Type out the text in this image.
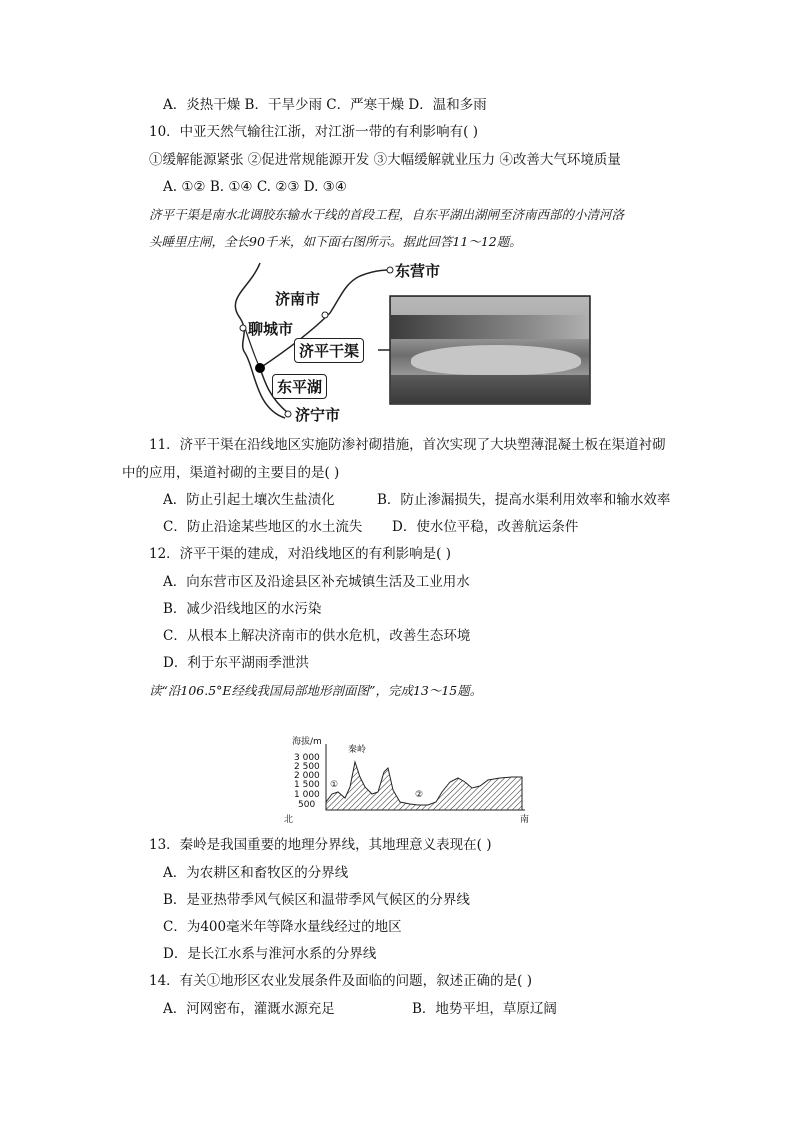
A．炎热干燥 B．干旱少雨 C．严寒干燥 D．温和多雨
10．中亚天然气输往江浙，对江浙一带的有利影响有( )
①缓解能源紧张 ②促进常规能源开发 ③大幅缓解就业压力 ④改善大气环境质量
A. ①② B. ①④ C. ②③ D. ③④
济平干渠是南水北调胶东输水干线的首段工程，自东平湖出湖闸至济南西部的小清河洛
头睡里庄闸，全长90千米，如下面右图所示。据此回答11～12题。
东营市
济南市
聊城市
济平干渠
东平湖
济宁市
11．济平干渠在沿线地区实施防渗衬砌措施，首次实现了大块塑薄混凝土板在渠道衬砌
中的应用，渠道衬砌的主要目的是( )
A．防止引起土壤次生盐渍化	B．防止渗漏损失，提高水渠利用效率和输水效率
C．防止沿途某些地区的水土流失 D．使水位平稳，改善航运条件
12．济平干渠的建成，对沿线地区的有利影响是( )
A．向东营市区及沿途县区补充城镇生活及工业用水
B．减少沿线地区的水污染
C．从根本上解决济南市的供水危机，改善生态环境
D．利于东平湖雨季泄洪
读“沿106.5°E经线我国局部地形剖面图”，完成13～15题。
海拔/m
秦岭
3 000
2 500
2 000
1 500
1 000
500
①
②
北	南
13．秦岭是我国重要的地理分界线，其地理意义表现在( )
A．为农耕区和畜牧区的分界线
B．是亚热带季风气候区和温带季风气候区的分界线
C．为400毫米年等降水量线经过的地区
D．是长江水系与淮河水系的分界线
14．有关①地形区农业发展条件及面临的问题，叙述正确的是( )
A．河网密布，灌溉水源充足	B．地势平坦，草原辽阔
